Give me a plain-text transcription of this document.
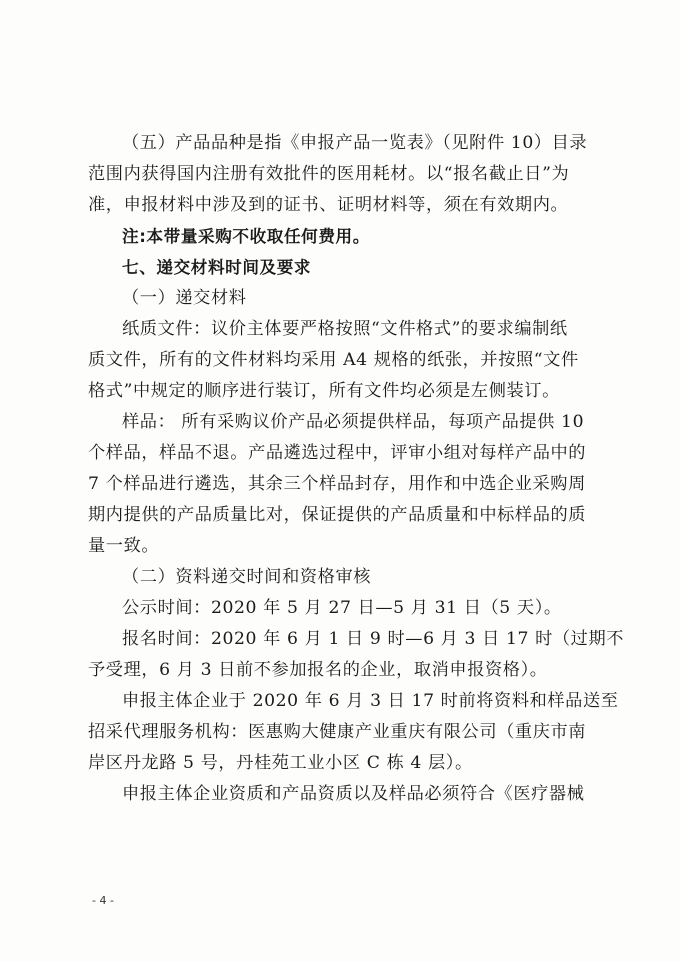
（五）产品品种是指《申报产品一览表》（见附件 10）目录
范围内获得国内注册有效批件的医用耗材。以“报名截止日”为
准，申报材料中涉及到的证书、证明材料等，须在有效期内。
注:本带量采购不收取任何费用。
七、递交材料时间及要求
（一）递交材料
纸质文件：议价主体要严格按照“文件格式”的要求编制纸
质文件，所有的文件材料均采用 A4 规格的纸张，并按照“文件
格式”中规定的顺序进行装订，所有文件均必须是左侧装订。
样品： 所有采购议价产品必须提供样品，每项产品提供 10
个样品，样品不退。产品遴选过程中，评审小组对每样产品中的
7 个样品进行遴选，其余三个样品封存，用作和中选企业采购周
期内提供的产品质量比对，保证提供的产品质量和中标样品的质
量一致。
（二）资料递交时间和资格审核
公示时间：2020 年 5 月 27 日—5 月 31 日（5 天）。
报名时间：2020 年 6 月 1 日 9 时—6 月 3 日 17 时（过期不
予受理，6 月 3 日前不参加报名的企业，取消申报资格）。
申报主体企业于 2020 年 6 月 3 日 17 时前将资料和样品送至
招采代理服务机构：医惠购大健康产业重庆有限公司（重庆市南
岸区丹龙路 5 号，丹桂苑工业小区 C 栋 4 层）。
申报主体企业资质和产品资质以及样品必须符合《医疗器械
- 4 -
